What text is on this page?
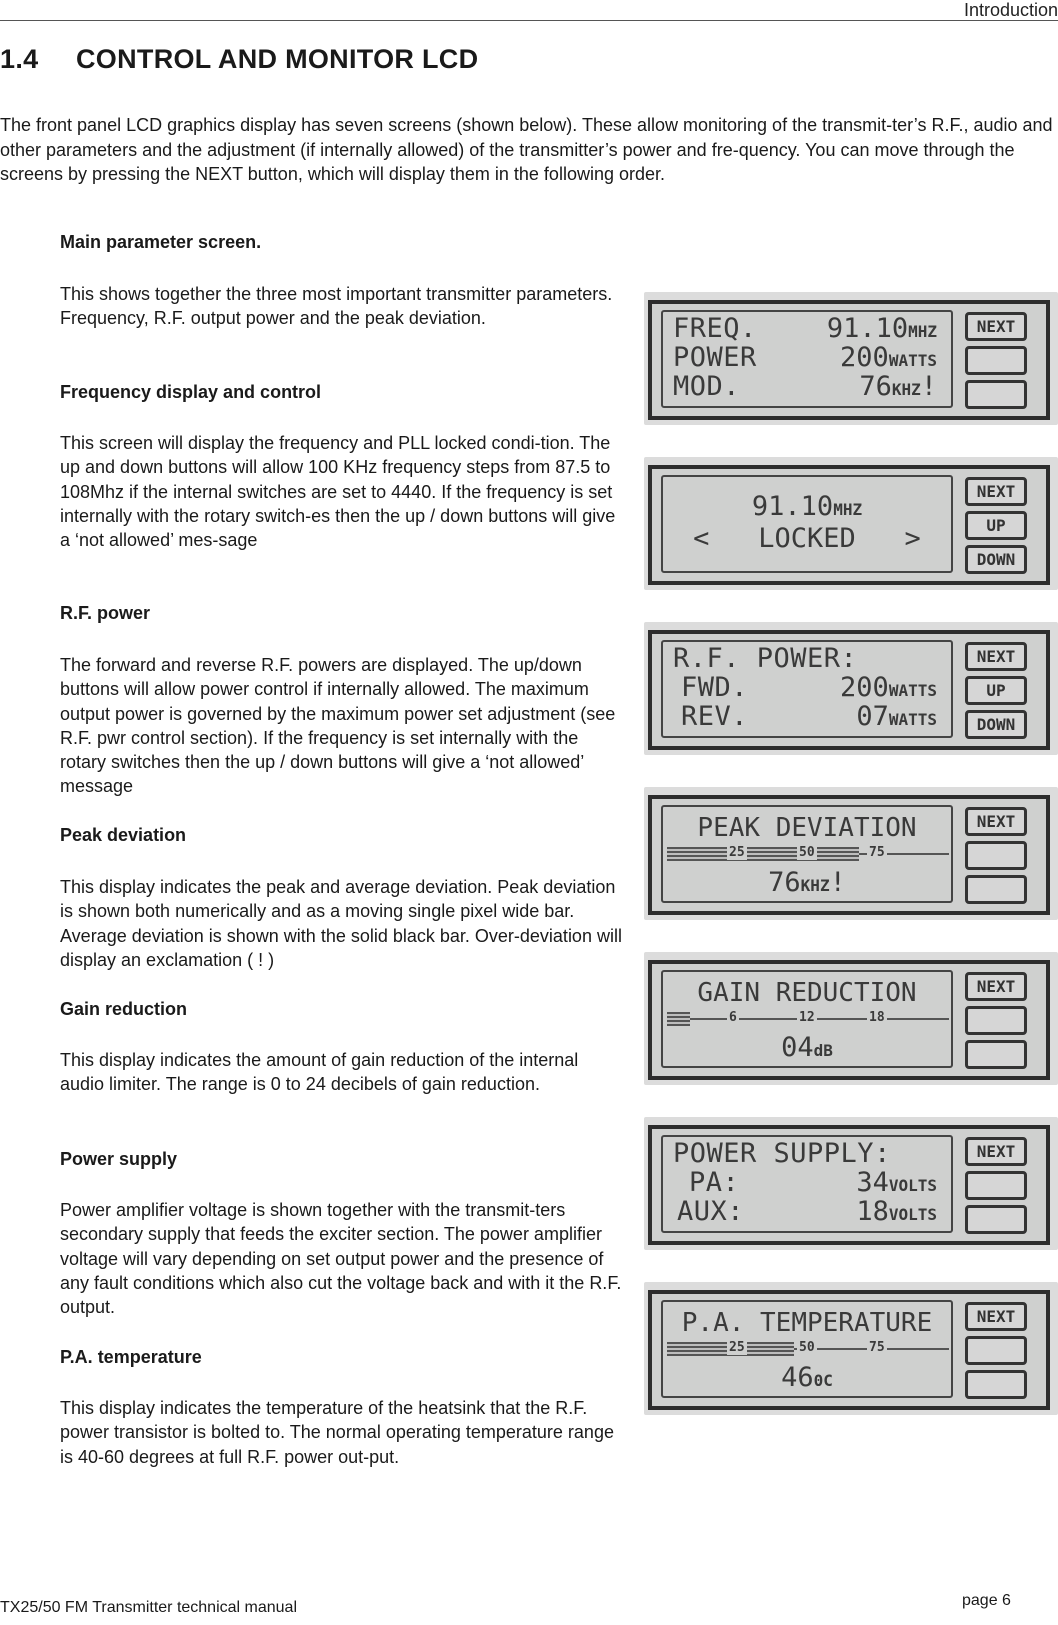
Introduction
1.4 CONTROL AND MONITOR LCD

The front panel LCD graphics display has seven screens (shown below). These allow monitoring of the transmit-ter’s R.F., audio and other parameters and the adjustment (if internally allowed) of the transmitter’s power and fre-quency. You can move through the screens by pressing the NEXT button, which will display them in the following order.

Main parameter screen.

This shows together the three most important transmitter parameters. Frequency, R.F. output power and the peak deviation.

Frequency display and control

This screen will display the frequency and PLL locked condi-tion. The up and down buttons will allow 100 KHz frequency steps from 87.5 to 108Mhz if the internal switches are set to 4440. If the frequency is set internally with the rotary switch-es then the up / down buttons will give a ‘not allowed’ mes-sage

R.F. power

The forward and reverse R.F. powers are displayed. The up/down buttons will allow power control if internally allowed. The maximum output power is governed by the maximum power set adjustment (see R.F. pwr control section). If the frequency is set internally with the rotary switches then the up / down buttons will give a ‘not allowed’ message

Peak deviation

This display indicates the peak and average deviation. Peak deviation is shown both numerically and as a moving single pixel wide bar. Average deviation is shown with the solid black bar. Over-deviation will display an exclamation ( ! )

Gain reduction

This display indicates the amount of gain reduction of the internal audio limiter. The range is 0 to 24 decibels of gain reduction.

Power supply

Power amplifier voltage is shown together with the transmit-ters secondary supply that feeds the exciter section. The power amplifier voltage will vary depending on set output power and the presence of any fault conditions which also cut the voltage back and with it the R.F. output.

P.A. temperature

This display indicates the temperature of the heatsink that the R.F. power transistor is bolted to. The normal operating temperature range is 40-60 degrees at full R.F. power out-put.

FREQ.	91.10MHZ
POWER	200WATTS
MOD.	76KHZ!
NEXT
91.10MHZ
< LOCKED >
NEXT
UP
DOWN
R.F. POWER:
FWD.	200WATTS
REV.	07WATTS
NEXT
UP
DOWN
PEAK DEVIATION
25	50	75
76KHZ!
NEXT
GAIN REDUCTION
6	12	18
04dB
NEXT
POWER SUPPLY:
PA:	34VOLTS
AUX:	18VOLTS
NEXT
P.A. TEMPERATURE
25	50	75
460C
NEXT
TX25/50 FM Transmitter technical manual	page 6
